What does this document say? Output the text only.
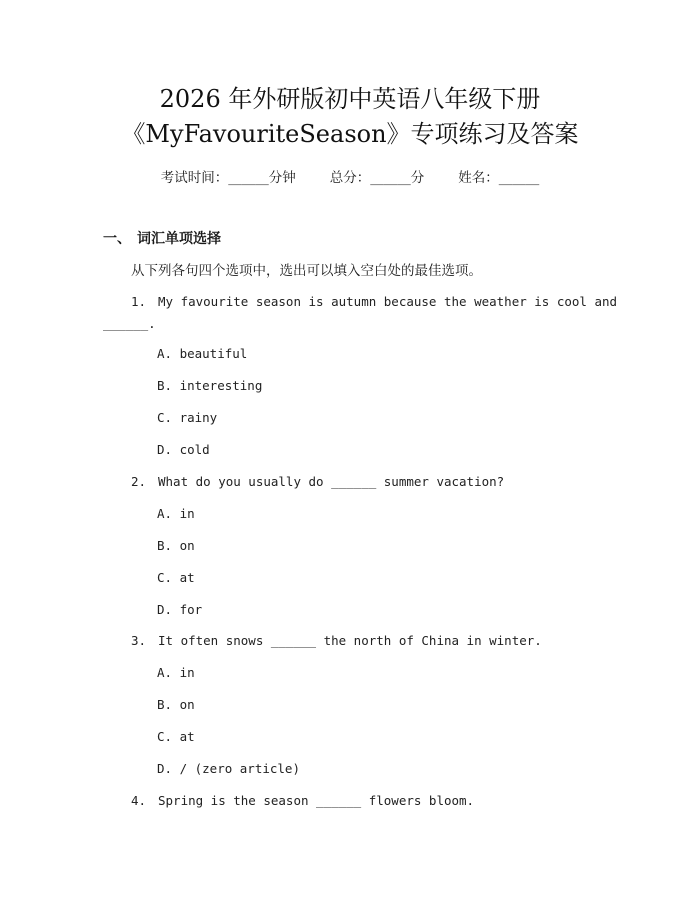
2026 年外研版初中英语八年级下册
《MyFavouriteSeason》专项练习及答案
考试时间：______分钟	总分：______分	姓名：______
一、 词汇单项选择
从下列各句四个选项中，选出可以填入空白处的最佳选项。
1. My favourite season is autumn because the weather is cool and
______.
A. beautiful
B. interesting
C. rainy
D. cold
2. What do you usually do ______ summer vacation?
A. in
B. on
C. at
D. for
3. It often snows ______ the north of China in winter.
A. in
B. on
C. at
D. / (zero article)
4. Spring is the season ______ flowers bloom.
